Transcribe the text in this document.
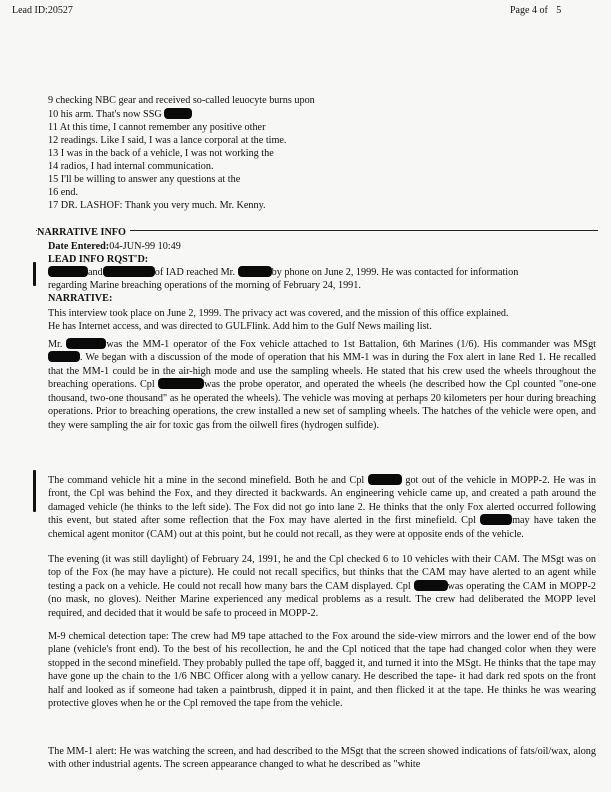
Lead ID:20527	Page 4 of 5
9 checking NBC gear and received so-called leuocyte burns upon
10 his arm. That's now SSG
11 At this time, I cannot remember any positive other
12 readings. Like I said, I was a lance corporal at the time.
13 I was in the back of a vehicle, I was not working the
14 radios, I had internal communication.
15 I'll be willing to answer any questions at the
16 end.
17 DR. LASHOF: Thank you very much. Mr. Kenny.
NARRATIVE INFO
Date Entered:04-JUN-99 10:49
LEAD INFO RQST'D:
and	of IAD reached Mr.	by phone on June 2, 1999. He was contacted for information
regarding Marine breaching operations of the morning of February 24, 1991.
NARRATIVE:
This interview took place on June 2, 1999. The privacy act was covered, and the mission of this office explained.
He has Internet access, and was directed to GULFlink. Add him to the Gulf News mailing list.

Mr.	was the MM-1 operator of the Fox vehicle attached to 1st Battalion, 6th Marines (1/6). His commander was MSgt . We began with a discussion of the mode of operation that his MM-1 was in during the Fox alert in lane Red 1. He recalled that the MM-1 could be in the air-high mode and use the sampling wheels. He stated that his crew used the wheels throughout the breaching operations. Cpl	was the probe operator, and operated the wheels (he described how the Cpl counted "one-one thousand, two-one thousand" as he operated the wheels). The vehicle was moving at perhaps 20 kilometers per hour during breaching operations. Prior to breaching operations, the crew installed a new set of sampling wheels. The hatches of the vehicle were open, and they were sampling the air for toxic gas from the oilwell fires (hydrogen sulfide).

The command vehicle hit a mine in the second minefield. Both he and Cpl	got out of the vehicle in MOPP-2. He was in front, the Cpl was behind the Fox, and they directed it backwards. An engineering vehicle came up, and created a path around the damaged vehicle (he thinks to the left side). The Fox did not go into lane 2. He thinks that the only Fox alerted occurred following this event, but stated after some reflection that the Fox may have alerted in the first minefield. Cpl	may have taken the chemical agent monitor (CAM) out at this point, but he could not recall, as they were at opposite ends of the vehicle.

The evening (it was still daylight) of February 24, 1991, he and the Cpl checked 6 to 10 vehicles with their CAM. The MSgt was on top of the Fox (he may have a picture). He could not recall specifics, but thinks that the CAM may have alerted to an agent while testing a pack on a vehicle. He could not recall how many bars the CAM displayed. Cpl	was operating the CAM in MOPP-2 (no mask, no gloves). Neither Marine experienced any medical problems as a result. The crew had deliberated the MOPP level required, and decided that it would be safe to proceed in MOPP-2.

M-9 chemical detection tape: The crew had M9 tape attached to the Fox around the side-view mirrors and the lower end of the bow plane (vehicle's front end). To the best of his recollection, he and the Cpl noticed that the tape had changed color when they were stopped in the second minefield. They probably pulled the tape off, bagged it, and turned it into the MSgt. He thinks that the tape may have gone up the chain to the 1/6 NBC Officer along with a yellow canary. He described the tape- it had dark red spots on the front half and looked as if someone had taken a paintbrush, dipped it in paint, and then flicked it at the tape. He thinks he was wearing protective gloves when he or the Cpl removed the tape from the vehicle.
The MM-1 alert: He was watching the screen, and had described to the MSgt that the screen showed indications of fats/oil/wax, along with other industrial agents. The screen appearance changed to what he described as "white
